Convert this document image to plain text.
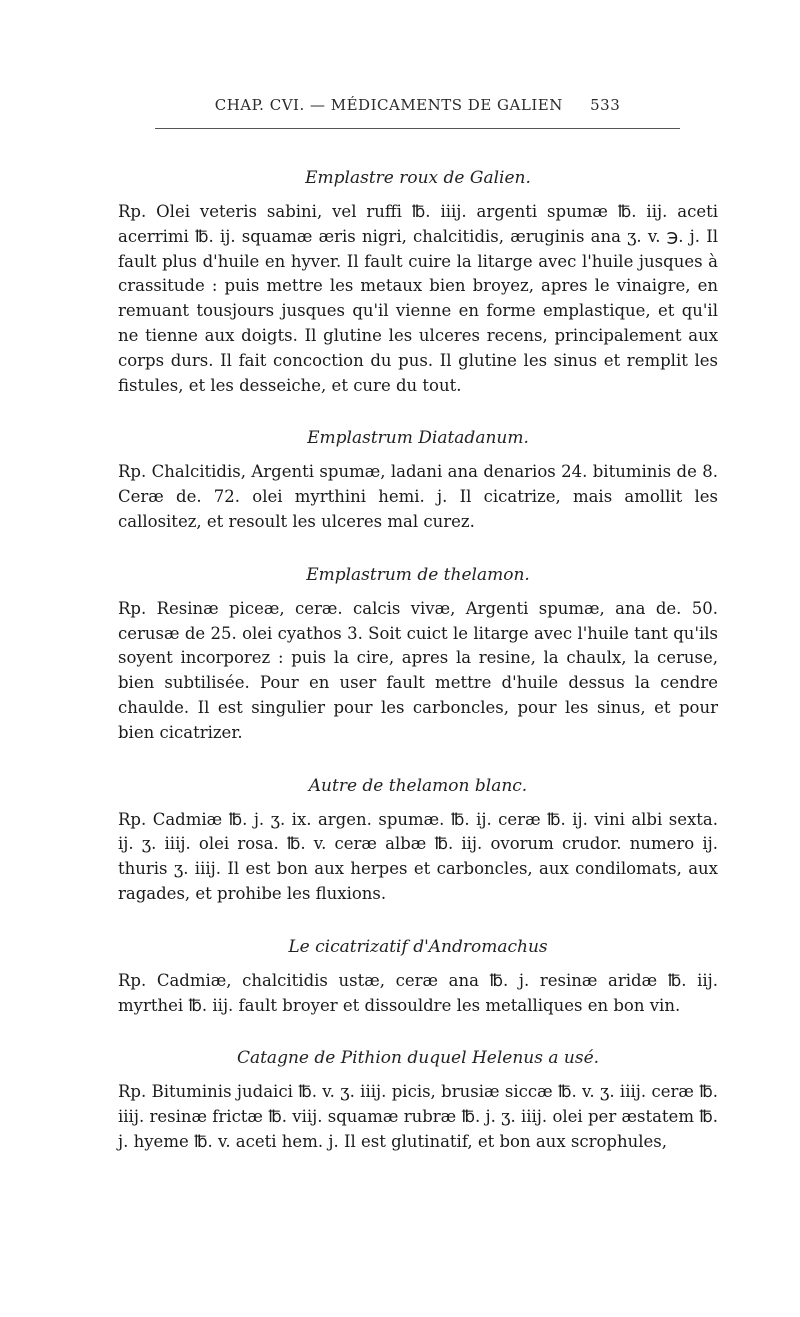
CHAP. CVI. — MÉDICAMENTS DE GALIEN 533
Emplastre roux de Galien.

Rp. Olei veteris sabini, vel ruffi ℔. iiij. argenti spumæ ℔. iij. aceti acerrimi ℔. ij. squamæ æris nigri, chalcitidis, æruginis ana ʒ. v. ℈. j. Il fault plus d'huile en hyver. Il fault cuire la litarge avec l'huile jusques à crassitude : puis mettre les metaux bien broyez, apres le vinaigre, en remuant tousjours jusques qu'il vienne en forme emplastique, et qu'il ne tienne aux doigts. Il glutine les ulceres recens, principalement aux corps durs. Il fait concoction du pus. Il glutine les sinus et remplit les fistules, et les desseiche, et cure du tout.

Emplastrum Diatadanum.

Rp. Chalcitidis, Argenti spumæ, ladani ana denarios 24. bituminis de 8. Ceræ de. 72. olei myrthini hemi. j. Il cicatrize, mais amollit les callositez, et resoult les ulceres mal curez.

Emplastrum de thelamon.

Rp. Resinæ piceæ, ceræ. calcis vivæ, Argenti spumæ, ana de. 50. cerusæ de 25. olei cyathos 3. Soit cuict le litarge avec l'huile tant qu'ils soyent incorporez : puis la cire, apres la resine, la chaulx, la ceruse, bien subtilisée. Pour en user fault mettre d'huile dessus la cendre chaulde. Il est singulier pour les carboncles, pour les sinus, et pour bien cicatrizer.

Autre de thelamon blanc.

Rp. Cadmiæ ℔. j. ʒ. ix. argen. spumæ. ℔. ij. ceræ ℔. ij. vini albi sexta. ij. ʒ. iiij. olei rosa. ℔. v. ceræ albæ ℔. iij. ovorum crudor. numero ij. thuris ʒ. iiij. Il est bon aux herpes et carboncles, aux condilomats, aux ragades, et prohibe les fluxions.

Le cicatrizatif d'Andromachus

Rp. Cadmiæ, chalcitidis ustæ, ceræ ana ℔. j. resinæ aridæ ℔. iij. myrthei ℔. iij. fault broyer et dissouldre les metalliques en bon vin.

Catagne de Pithion duquel Helenus a usé.

Rp. Bituminis judaici ℔. v. ʒ. iiij. picis, brusiæ siccæ ℔. v. ʒ. iiij. ceræ ℔. iiij. resinæ frictæ ℔. viij. squamæ rubræ ℔. j. ʒ. iiij. olei per æstatem ℔. j. hyeme ℔. v. aceti hem. j. Il est glutinatif, et bon aux scrophules,
